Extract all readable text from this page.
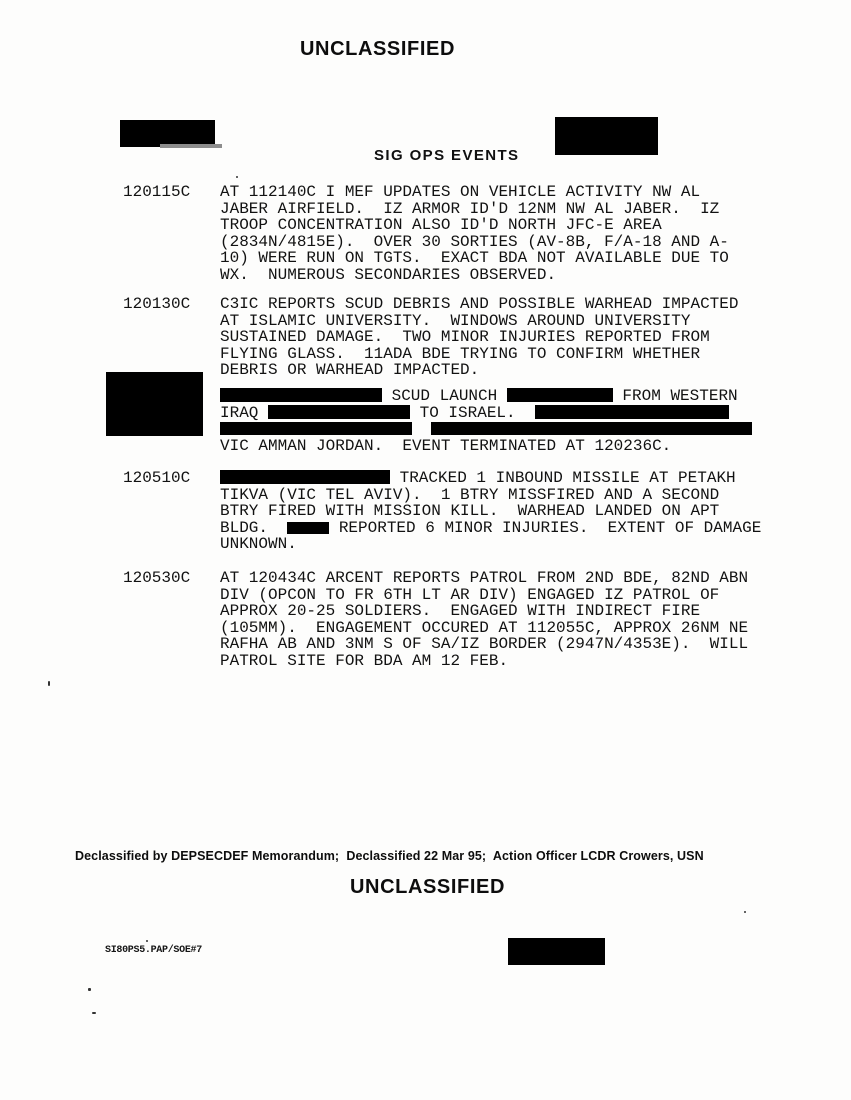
UNCLASSIFIED
SIG OPS EVENTS
120115C AT 112140C I MEF UPDATES ON VEHICLE ACTIVITY NW AL
JABER AIRFIELD.  IZ ARMOR ID'D 12NM NW AL JABER.  IZ
TROOP CONCENTRATION ALSO ID'D NORTH JFC-E AREA
(2834N/4815E).  OVER 30 SORTIES (AV-8B, F/A-18 AND A-
10) WERE RUN ON TGTS.  EXACT BDA NOT AVAILABLE DUE TO
WX.  NUMEROUS SECONDARIES OBSERVED.
120130C C3IC REPORTS SCUD DEBRIS AND POSSIBLE WARHEAD IMPACTED
AT ISLAMIC UNIVERSITY.  WINDOWS AROUND UNIVERSITY
SUSTAINED DAMAGE.  TWO MINOR INJURIES REPORTED FROM
FLYING GLASS.  11ADA BDE TRYING TO CONFIRM WHETHER
DEBRIS OR WARHEAD IMPACTED.
SCUD LAUNCH	FROM WESTERN
IRAQ	TO ISRAEL.

VIC AMMAN JORDAN.  EVENT TERMINATED AT 120236C.
120510C	TRACKED 1 INBOUND MISSILE AT PETAKH
TIKVA (VIC TEL AVIV).  1 BTRY MISSFIRED AND A SECOND
BTRY FIRED WITH MISSION KILL.  WARHEAD LANDED ON APT
BLDG.	REPORTED 6 MINOR INJURIES.  EXTENT OF DAMAGE
UNKNOWN.
120530C AT 120434C ARCENT REPORTS PATROL FROM 2ND BDE, 82ND ABN
DIV (OPCON TO FR 6TH LT AR DIV) ENGAGED IZ PATROL OF
APPROX 20-25 SOLDIERS.  ENGAGED WITH INDIRECT FIRE
(105MM).  ENGAGEMENT OCCURED AT 112055C, APPROX 26NM NE
RAFHA AB AND 3NM S OF SA/IZ BORDER (2947N/4353E).  WILL
PATROL SITE FOR BDA AM 12 FEB.
Declassified by DEPSECDEF Memorandum;  Declassified 22 Mar 95;  Action Officer LCDR Crowers, USN
UNCLASSIFIED
SI80PS5.PAP/SOE#7
